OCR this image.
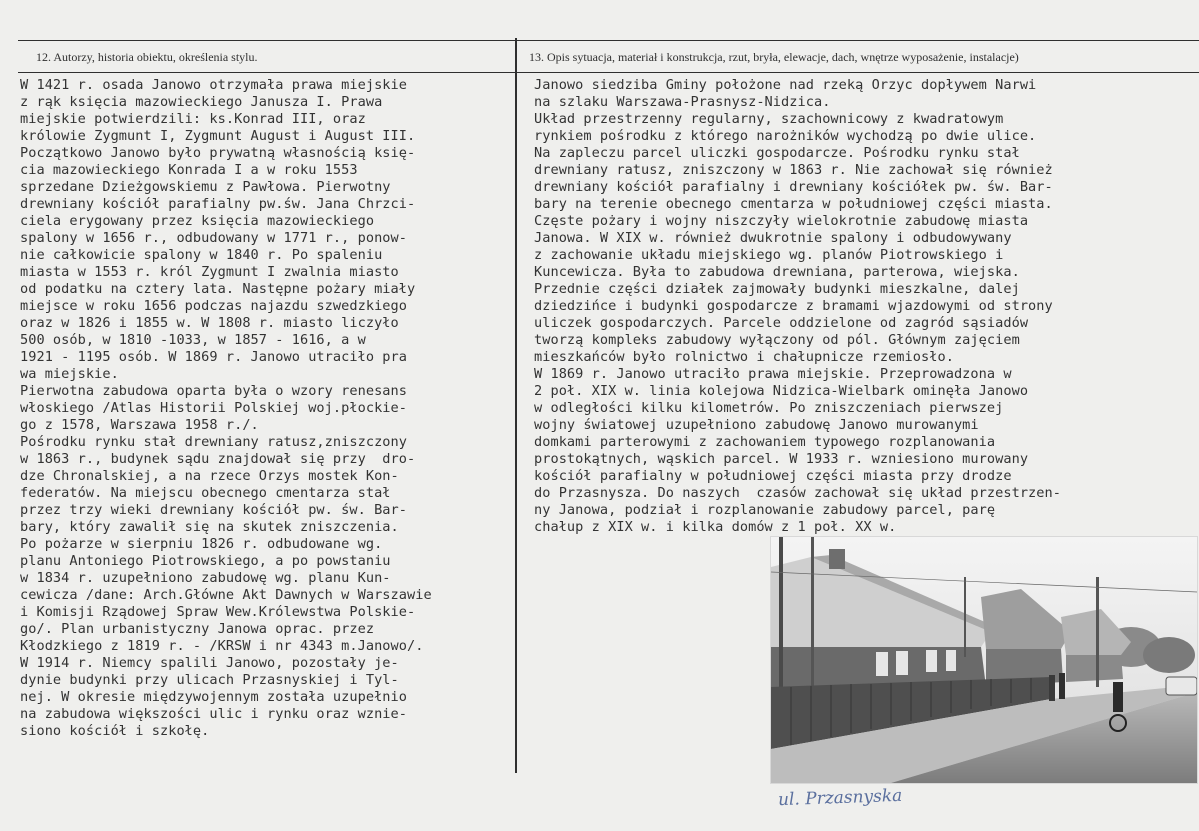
12. Autorzy, historia obiektu, określenia stylu.	13. Opis sytuacja, materiał i konstrukcja, rzut, bryła, elewacje, dach, wnętrze wyposażenie, instalacje)
W 1421 r. osada Janowo otrzymała prawa miejskie
z rąk księcia mazowieckiego Janusza I. Prawa
miejskie potwierdzili: ks.Konrad III, oraz
królowie Zygmunt I, Zygmunt August i August III.
Początkowo Janowo było prywatną własnością księ-
cia mazowieckiego Konrada I a w roku 1553
sprzedane Dzieżgowskiemu z Pawłowa. Pierwotny
drewniany kościół parafialny pw.św. Jana Chrzci-
ciela erygowany przez księcia mazowieckiego
spalony w 1656 r., odbudowany w 1771 r., ponow-
nie całkowicie spalony w 1840 r. Po spaleniu
miasta w 1553 r. król Zygmunt I zwalnia miasto
od podatku na cztery lata. Następne pożary miały
miejsce w roku 1656 podczas najazdu szwedzkiego
oraz w 1826 i 1855 w. W 1808 r. miasto liczyło
500 osób, w 1810 -1033, w 1857 - 1616, a w
1921 - 1195 osób. W 1869 r. Janowo utraciło pra
wa miejskie.
Pierwotna zabudowa oparta była o wzory renesans
włoskiego /Atlas Historii Polskiej woj.płockie-
go z 1578, Warszawa 1958 r./.
Pośrodku rynku stał drewniany ratusz,zniszczony
w 1863 r., budynek sądu znajdował się przy  dro-
dze Chronalskiej, a na rzece Orzys mostek Kon-
federatów. Na miejscu obecnego cmentarza stał
przez trzy wieki drewniany kościół pw. św. Bar-
bary, który zawalił się na skutek zniszczenia.
Po pożarze w sierpniu 1826 r. odbudowane wg.
planu Antoniego Piotrowskiego, a po powstaniu
w 1834 r. uzupełniono zabudowę wg. planu Kun-
cewicza /dane: Arch.Główne Akt Dawnych w Warszawie
i Komisji Rządowej Spraw Wew.Królewstwa Polskie-
go/. Plan urbanistyczny Janowa oprac. przez
Kłodzkiego z 1819 r. - /KRSW i nr 4343 m.Janowo/.
W 1914 r. Niemcy spalili Janowo, pozostały je-
dynie budynki przy ulicach Przasnyskiej i Tyl-
nej. W okresie międzywojennym została uzupełnio
na zabudowa większości ulic i rynku oraz wznie-
siono kościół i szkołę.
Janowo siedziba Gminy położone nad rzeką Orzyc dopływem Narwi
na szlaku Warszawa-Prasnysz-Nidzica.
Układ przestrzenny regularny, szachownicowy z kwadratowym
rynkiem pośrodku z którego narożników wychodzą po dwie ulice.
Na zapleczu parcel uliczki gospodarcze. Pośrodku rynku stał
drewniany ratusz, zniszczony w 1863 r. Nie zachował się również
drewniany kościół parafialny i drewniany kościółek pw. św. Bar-
bary na terenie obecnego cmentarza w południowej części miasta.
Częste pożary i wojny niszczyły wielokrotnie zabudowę miasta
Janowa. W XIX w. również dwukrotnie spalony i odbudowywany
z zachowanie układu miejskiego wg. planów Piotrowskiego i
Kuncewicza. Była to zabudowa drewniana, parterowa, wiejska.
Przednie części działek zajmowały budynki mieszkalne, dalej
dziedzińce i budynki gospodarcze z bramami wjazdowymi od strony
uliczek gospodarczych. Parcele oddzielone od zagród sąsiadów
tworzą kompleks zabudowy wyłączony od pól. Głównym zajęciem
mieszkańców było rolnictwo i chałupnicze rzemiosło.
W 1869 r. Janowo utraciło prawa miejskie. Przeprowadzona w
2 poł. XIX w. linia kolejowa Nidzica-Wielbark ominęła Janowo
w odległości kilku kilometrów. Po zniszczeniach pierwszej
wojny światowej uzupełniono zabudowę Janowo murowanymi
domkami parterowymi z zachowaniem typowego rozplanowania
prostokątnych, wąskich parcel. W 1933 r. wzniesiono murowany
kościół parafialny w południowej części miasta przy drodze
do Przasnysza. Do naszych  czasów zachował się układ przestrzen-
ny Janowa, podział i rozplanowanie zabudowy parcel, parę
chałup z XIX w. i kilka domów z 1 poł. XX w.
ul. Przasnyska
